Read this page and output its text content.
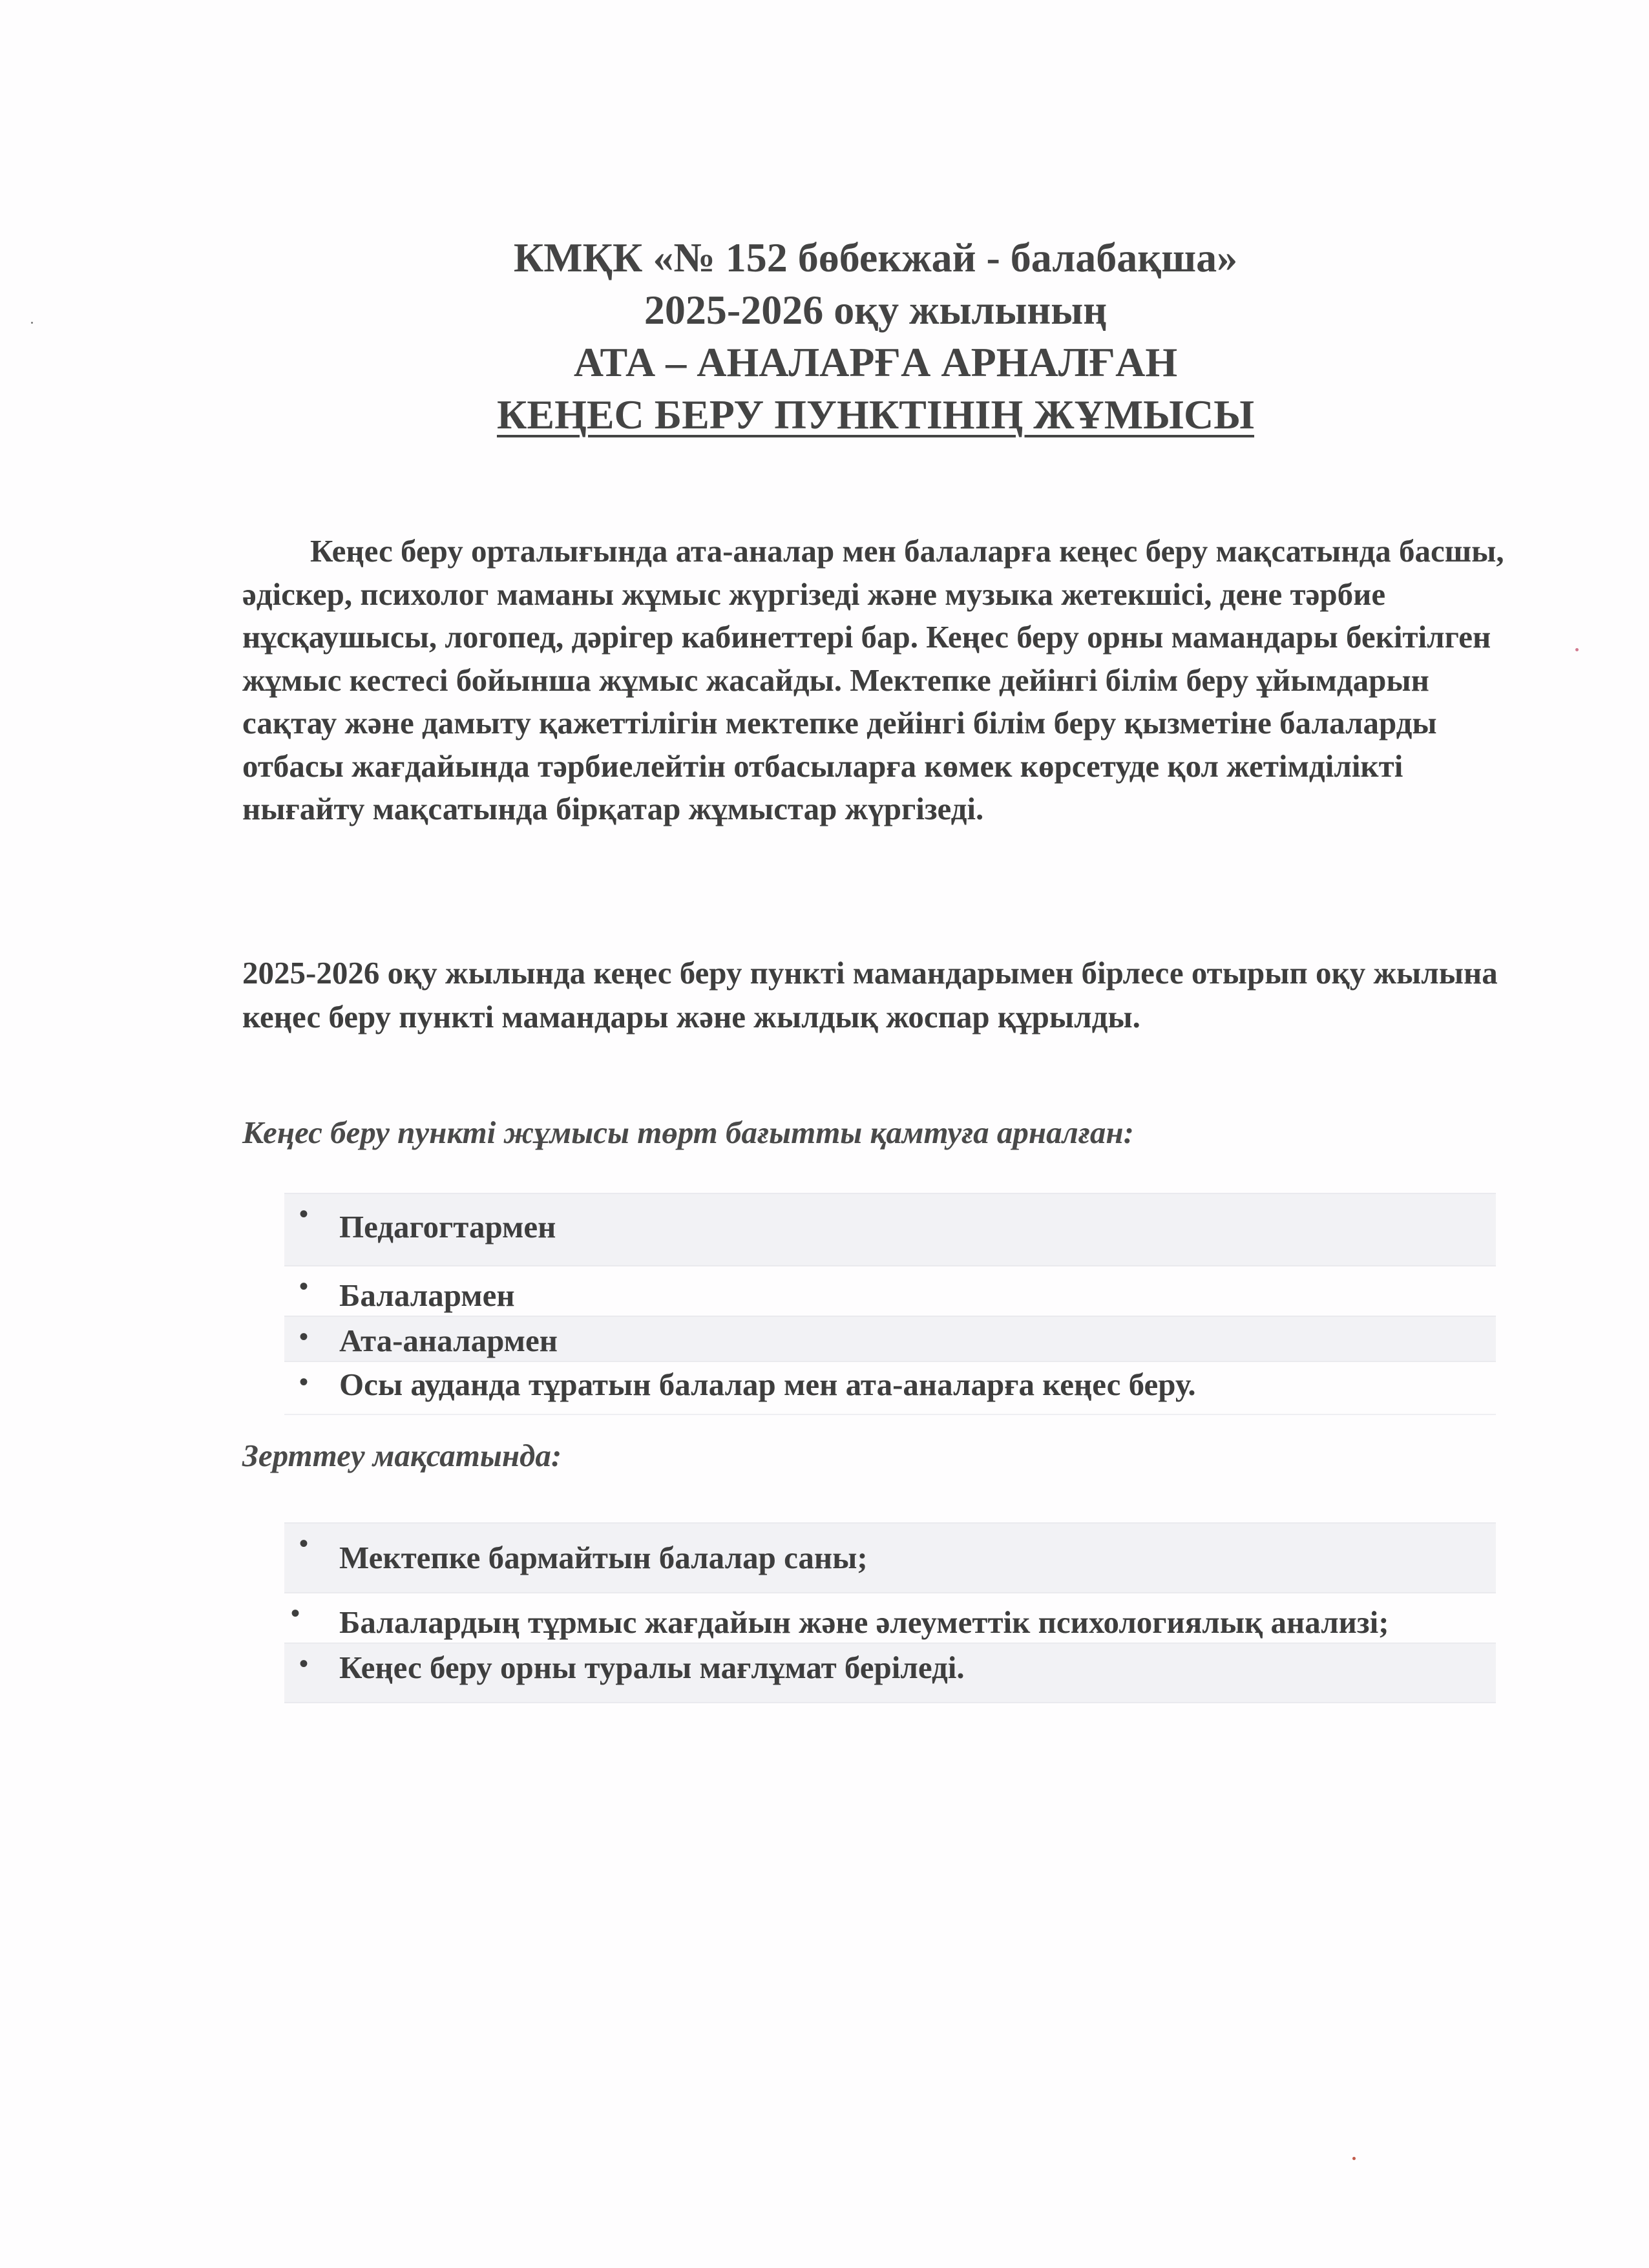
КМҚК «№ 152 бөбекжай - балабақша»
2025-2026 оқу жылының
АТА – АНАЛАРҒА АРНАЛҒАН
КЕҢЕС БЕРУ ПУНКТІНІҢ ЖҰМЫСЫ

Кеңес беру орталығында ата-аналар мен балаларға кеңес беру мақсатында басшы, әдіскер, психолог маманы жұмыс жүргізеді және музыка жетекшісі, дене тәрбие нұсқаушысы, логопед, дәрігер кабинеттері бар. Кеңес беру орны мамандары бекітілген жұмыс кестесі бойынша жұмыс жасайды. Мектепке дейінгі білім беру ұйымдарын сақтау және дамыту қажеттілігін мектепке дейінгі білім беру қызметіне балаларды отбасы жағдайында тәрбиелейтін отбасыларға көмек көрсетуде қол жетімділікті нығайту мақсатында бірқатар жұмыстар жүргізеді.

2025-2026 оқу жылында кеңес беру пункті мамандарымен бірлесе отырып оқу жылына кеңес беру пункті мамандары және жылдық жоспар құрылды.

Кеңес беру пункті жұмысы төрт бағытты қамтуға арналған:
• Педагогтармен
• Балалармен
• Ата-аналармен
• Осы ауданда тұратын балалар мен ата-аналарға кеңес беру.
Зерттеу мақсатында:
• Мектепке бармайтын балалар саны;
•	Балалардың тұрмыс жағдайын және әлеуметтік психологиялық анализі;
• Кеңес беру орны туралы мағлұмат беріледі.
